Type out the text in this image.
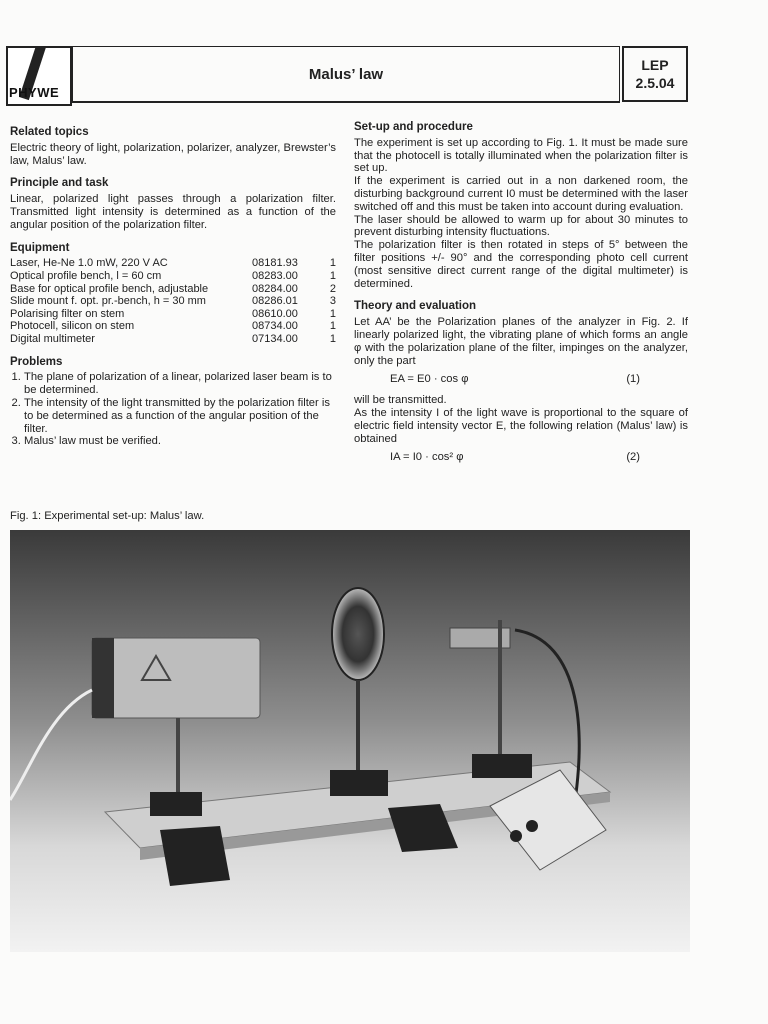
PHYWE
Malus’ law
LEP
2.5.04
Related topics

Electric theory of light, polarization, polarizer, analyzer, Brewster’s law, Malus’ law.

Principle and task

Linear, polarized light passes through a polarization filter. Transmitted light intensity is determined as a function of the angular position of the polarization filter.

Equipment
Laser, He-Ne 1.0 mW, 220 V AC	08181.93	1
Optical profile bench, l = 60 cm	08283.00	1
Base for optical profile bench, adjustable	08284.00	2
Slide mount f. opt. pr.-bench, h = 30 mm	08286.01	3
Polarising filter on stem	08610.00	1
Photocell, silicon on stem	08734.00	1
Digital multimeter	07134.00	1
Problems
1. The plane of polarization of a linear, polarized laser beam is to be determined.
2. The intensity of the light transmitted by the polarization filter is to be determined as a function of the angular position of the filter.
3. Malus’ law must be verified.
Set-up and procedure

The experiment is set up according to Fig. 1. It must be made sure that the photocell is totally illuminated when the polarization filter is set up.

If the experiment is carried out in a non darkened room, the disturbing background current I0 must be determined with the laser switched off and this must be taken into account during evaluation.

The laser should be allowed to warm up for about 30 minutes to prevent disturbing intensity fluctuations.

The polarization filter is then rotated in steps of 5° between the filter positions +/- 90° and the corresponding photo cell current (most sensitive direct current range of the digital multimeter) is determined.

Theory and evaluation

Let AA’ be the Polarization planes of the analyzer in Fig. 2. If linearly polarized light, the vibrating plane of which forms an angle φ with the polarization plane of the filter, impinges on the analyzer, only the part

EA = E0 · cos φ	(1)

will be transmitted.

As the intensity I of the light wave is proportional to the square of electric field intensity vector E, the following relation (Malus’ law) is obtained

IA = I0 · cos² φ	(2)
Fig. 1: Experimental set-up: Malus’ law.
